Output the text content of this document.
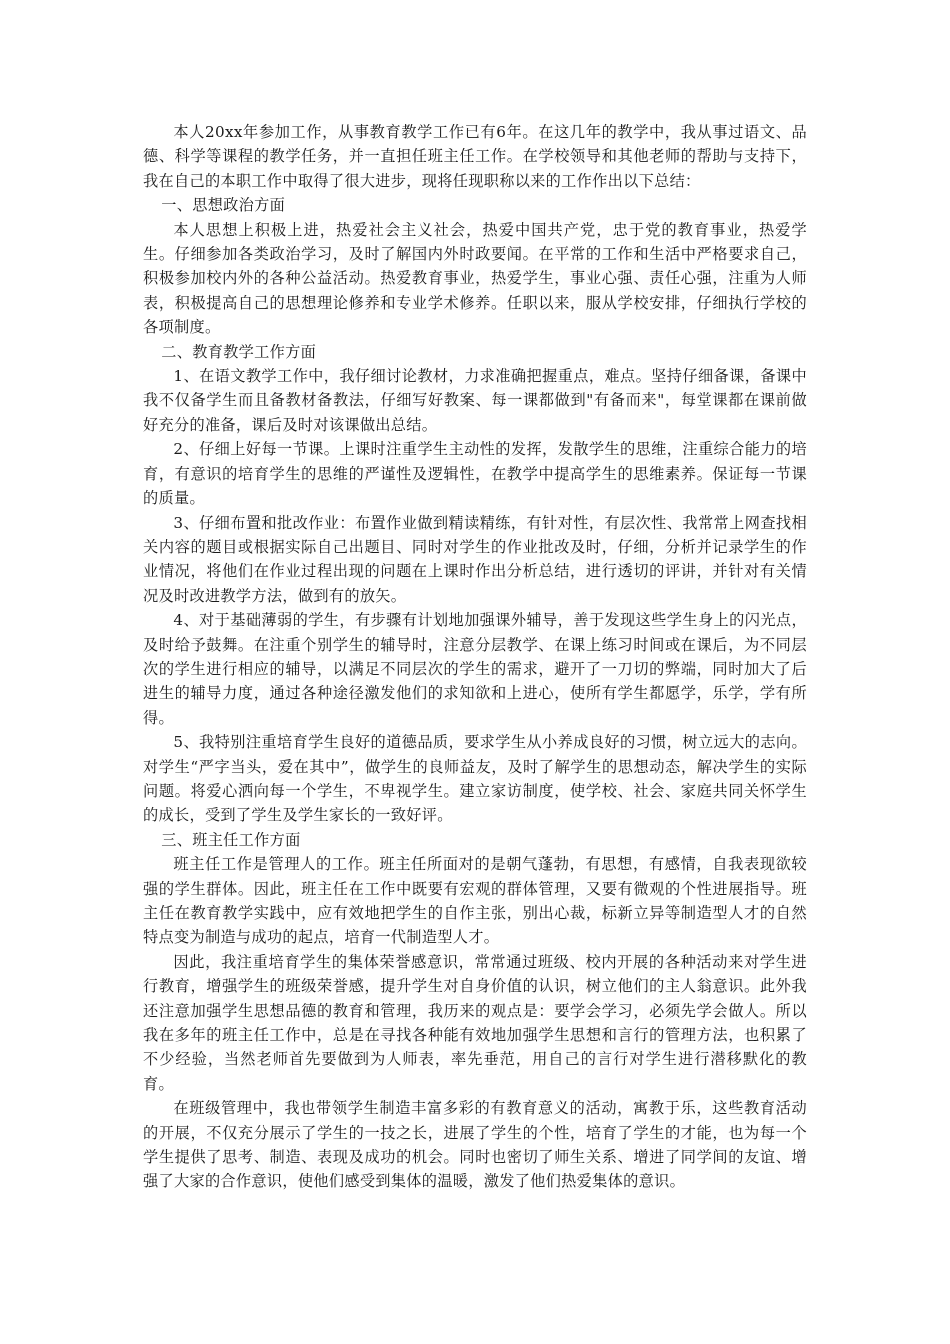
本人20xx年参加工作，从事教育教学工作已有6年。在这几年的教学中，我从事过语文、品德、科学等课程的教学任务，并一直担任班主任工作。在学校领导和其他老师的帮助与支持下，我在自己的本职工作中取得了很大进步，现将任现职称以来的工作作出以下总结：

一、思想政治方面

本人思想上积极上进，热爱社会主义社会，热爱中国共产党，忠于党的教育事业，热爱学生。仔细参加各类政治学习，及时了解国内外时政要闻。在平常的工作和生活中严格要求自己，积极参加校内外的各种公益活动。热爱教育事业，热爱学生，事业心强、责任心强，注重为人师表，积极提高自己的思想理论修养和专业学术修养。任职以来，服从学校安排，仔细执行学校的各项制度。

二、教育教学工作方面

1、在语文教学工作中，我仔细讨论教材，力求准确把握重点，难点。坚持仔细备课，备课中我不仅备学生而且备教材备教法，仔细写好教案、每一课都做到"有备而来"，每堂课都在课前做好充分的准备，课后及时对该课做出总结。

2、仔细上好每一节课。上课时注重学生主动性的发挥，发散学生的思维，注重综合能力的培育，有意识的培育学生的思维的严谨性及逻辑性，在教学中提高学生的思维素养。保证每一节课的质量。

3、仔细布置和批改作业：布置作业做到精读精练，有针对性，有层次性、我常常上网查找相关内容的题目或根据实际自己出题目、同时对学生的作业批改及时，仔细，分析并记录学生的作业情况，将他们在作业过程出现的问题在上课时作出分析总结，进行透切的评讲，并针对有关情况及时改进教学方法，做到有的放矢。

4、对于基础薄弱的学生，有步骤有计划地加强课外辅导，善于发现这些学生身上的闪光点，及时给予鼓舞。在注重个别学生的辅导时，注意分层教学、在课上练习时间或在课后，为不同层次的学生进行相应的辅导，以满足不同层次的学生的需求，避开了一刀切的弊端，同时加大了后进生的辅导力度，通过各种途径激发他们的求知欲和上进心，使所有学生都愿学，乐学，学有所得。

5、我特别注重培育学生良好的道德品质，要求学生从小养成良好的习惯，树立远大的志向。对学生“严字当头，爱在其中”，做学生的良师益友，及时了解学生的思想动态，解决学生的实际问题。将爱心洒向每一个学生，不卑视学生。建立家访制度，使学校、社会、家庭共同关怀学生的成长，受到了学生及学生家长的一致好评。

三、班主任工作方面

班主任工作是管理人的工作。班主任所面对的是朝气蓬勃，有思想，有感情，自我表现欲较强的学生群体。因此，班主任在工作中既要有宏观的群体管理，又要有微观的个性进展指导。班主任在教育教学实践中，应有效地把学生的自作主张，别出心裁，标新立异等制造型人才的自然特点变为制造与成功的起点，培育一代制造型人才。

因此，我注重培育学生的集体荣誉感意识，常常通过班级、校内开展的各种活动来对学生进行教育，增强学生的班级荣誉感，提升学生对自身价值的认识，树立他们的主人翁意识。此外我还注意加强学生思想品德的教育和管理，我历来的观点是：要学会学习，必须先学会做人。所以我在多年的班主任工作中，总是在寻找各种能有效地加强学生思想和言行的管理方法，也积累了不少经验，当然老师首先要做到为人师表，率先垂范，用自己的言行对学生进行潜移默化的教育。

在班级管理中，我也带领学生制造丰富多彩的有教育意义的活动，寓教于乐，这些教育活动的开展，不仅充分展示了学生的一技之长，进展了学生的个性，培育了学生的才能，也为每一个学生提供了思考、制造、表现及成功的机会。同时也密切了师生关系、增进了同学间的友谊、增强了大家的合作意识，使他们感受到集体的温暖，激发了他们热爱集体的意识。
